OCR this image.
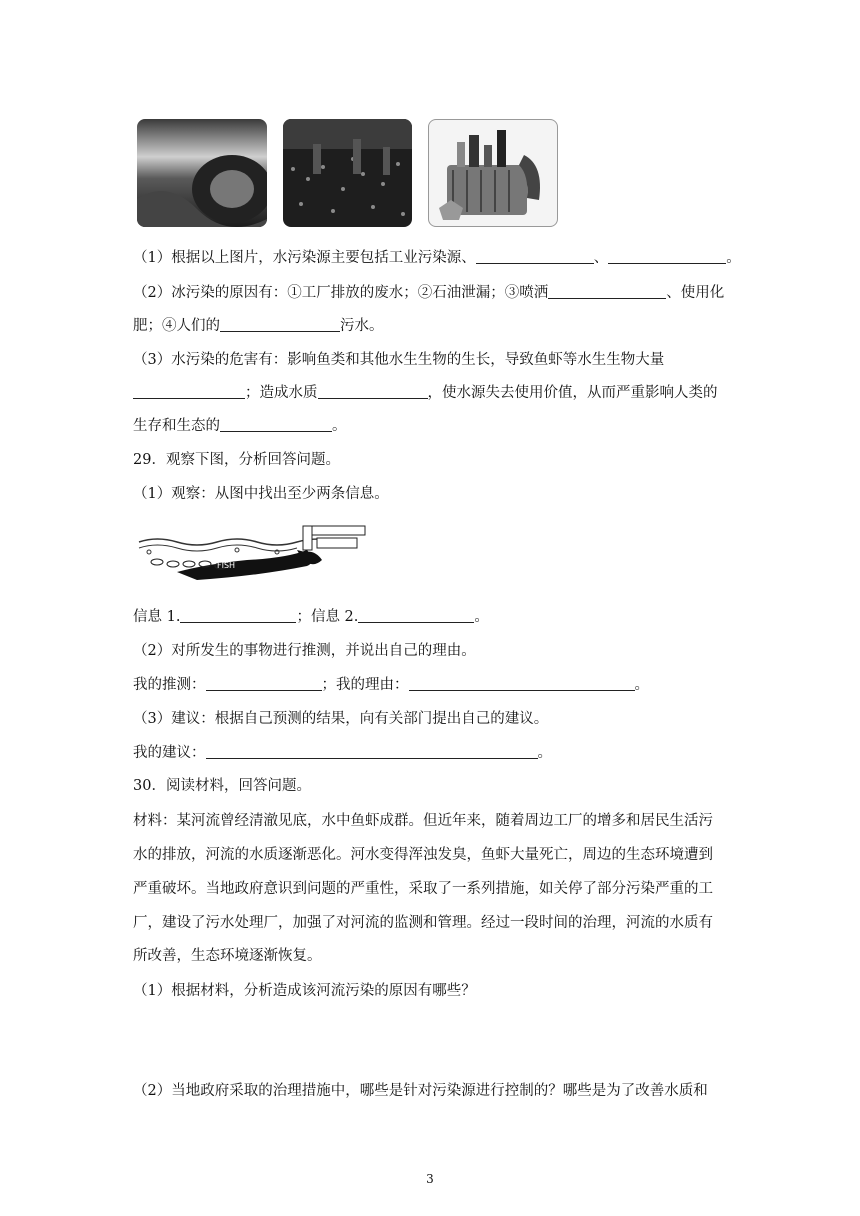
（1）根据以上图片，水污染源主要包括工业污染源、	、	。
（2）冰污染的原因有：①工厂排放的废水；②石油泄漏；③喷洒	、使用化
肥；④人们的	污水。
（3）水污染的危害有：影响鱼类和其他水生生物的生长，导致鱼虾等水生生物大量
；造成水质	，使水源失去使用价值，从而严重影响人类的
生存和生态的	。
29．观察下图，分析回答问题。
（1）观察：从图中找出至少两条信息。
FISH
信息 1.	；信息 2.	。
（2）对所发生的事物进行推测，并说出自己的理由。
我的推测：	；我的理由：	。
（3）建议：根据自己预测的结果，向有关部门提出自己的建议。
我的建议：	。
30．阅读材料，回答问题。
材料：某河流曾经清澈见底，水中鱼虾成群。但近年来，随着周边工厂的增多和居民生活污
水的排放，河流的水质逐渐恶化。河水变得浑浊发臭，鱼虾大量死亡，周边的生态环境遭到
严重破坏。当地政府意识到问题的严重性，采取了一系列措施，如关停了部分污染严重的工
厂，建设了污水处理厂，加强了对河流的监测和管理。经过一段时间的治理，河流的水质有
所改善，生态环境逐渐恢复。
（1）根据材料，分析造成该河流污染的原因有哪些？
（2）当地政府采取的治理措施中，哪些是针对污染源进行控制的？哪些是为了改善水质和
3
